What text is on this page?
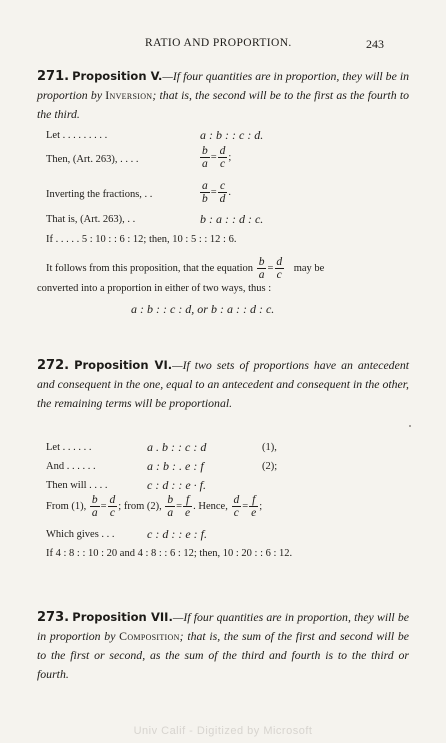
RATIO AND PROPORTION.	243
271. Proposition V.—If four quantities are in proportion, they will be in proportion by Inversion; that is, the second will be to the first as the fourth to the third.
Let . . . . . . . . .	a : b : : c : d.
Then, (Art. 263), . . . .	$\frac{b}{a} = \frac{d}{c}$ ;
Inverting the fractions, . .	$\frac{a}{b} = \frac{c}{d}$ .
That is, (Art. 263), . .	b : a : : d : c.
If . . . . . 5 : 10 : : 6 : 12; then, 10 : 5 : : 12 : 6.
It follows from this proposition, that the equation $\frac{b}{a} = \frac{d}{c}$ may be
converted into a proportion in either of two ways, thus :
a : b : : c : d, or b : a : : d : c.
272. Proposition VI.—If two sets of proportions have an antecedent and consequent in the one, equal to an antecedent and consequent in the other, the remaining terms will be proportional.
Let . . . . . .	a . b : : c : d	(1),
And . . . . . .	a : b : . e : f	(2);
Then will . . . .	c : d : : e · f.
From (1), $\frac{b}{a} = \frac{d}{c}$ ; from (2), $\frac{b}{a} = \frac{f}{e}$ . Hence, $\frac{d}{c} = \frac{f}{e}$ ;
Which gives . . .	c : d : : e : f.
If 4 : 8 : : 10 : 20 and 4 : 8 : : 6 : 12; then, 10 : 20 : : 6 : 12.
273. Proposition VII.—If four quantities are in proportion, they will be in proportion by Composition; that is, the sum of the first and second will be to the first or second, as the sum of the third and fourth is to the third or fourth.
Univ Calif - Digitized by Microsoft
